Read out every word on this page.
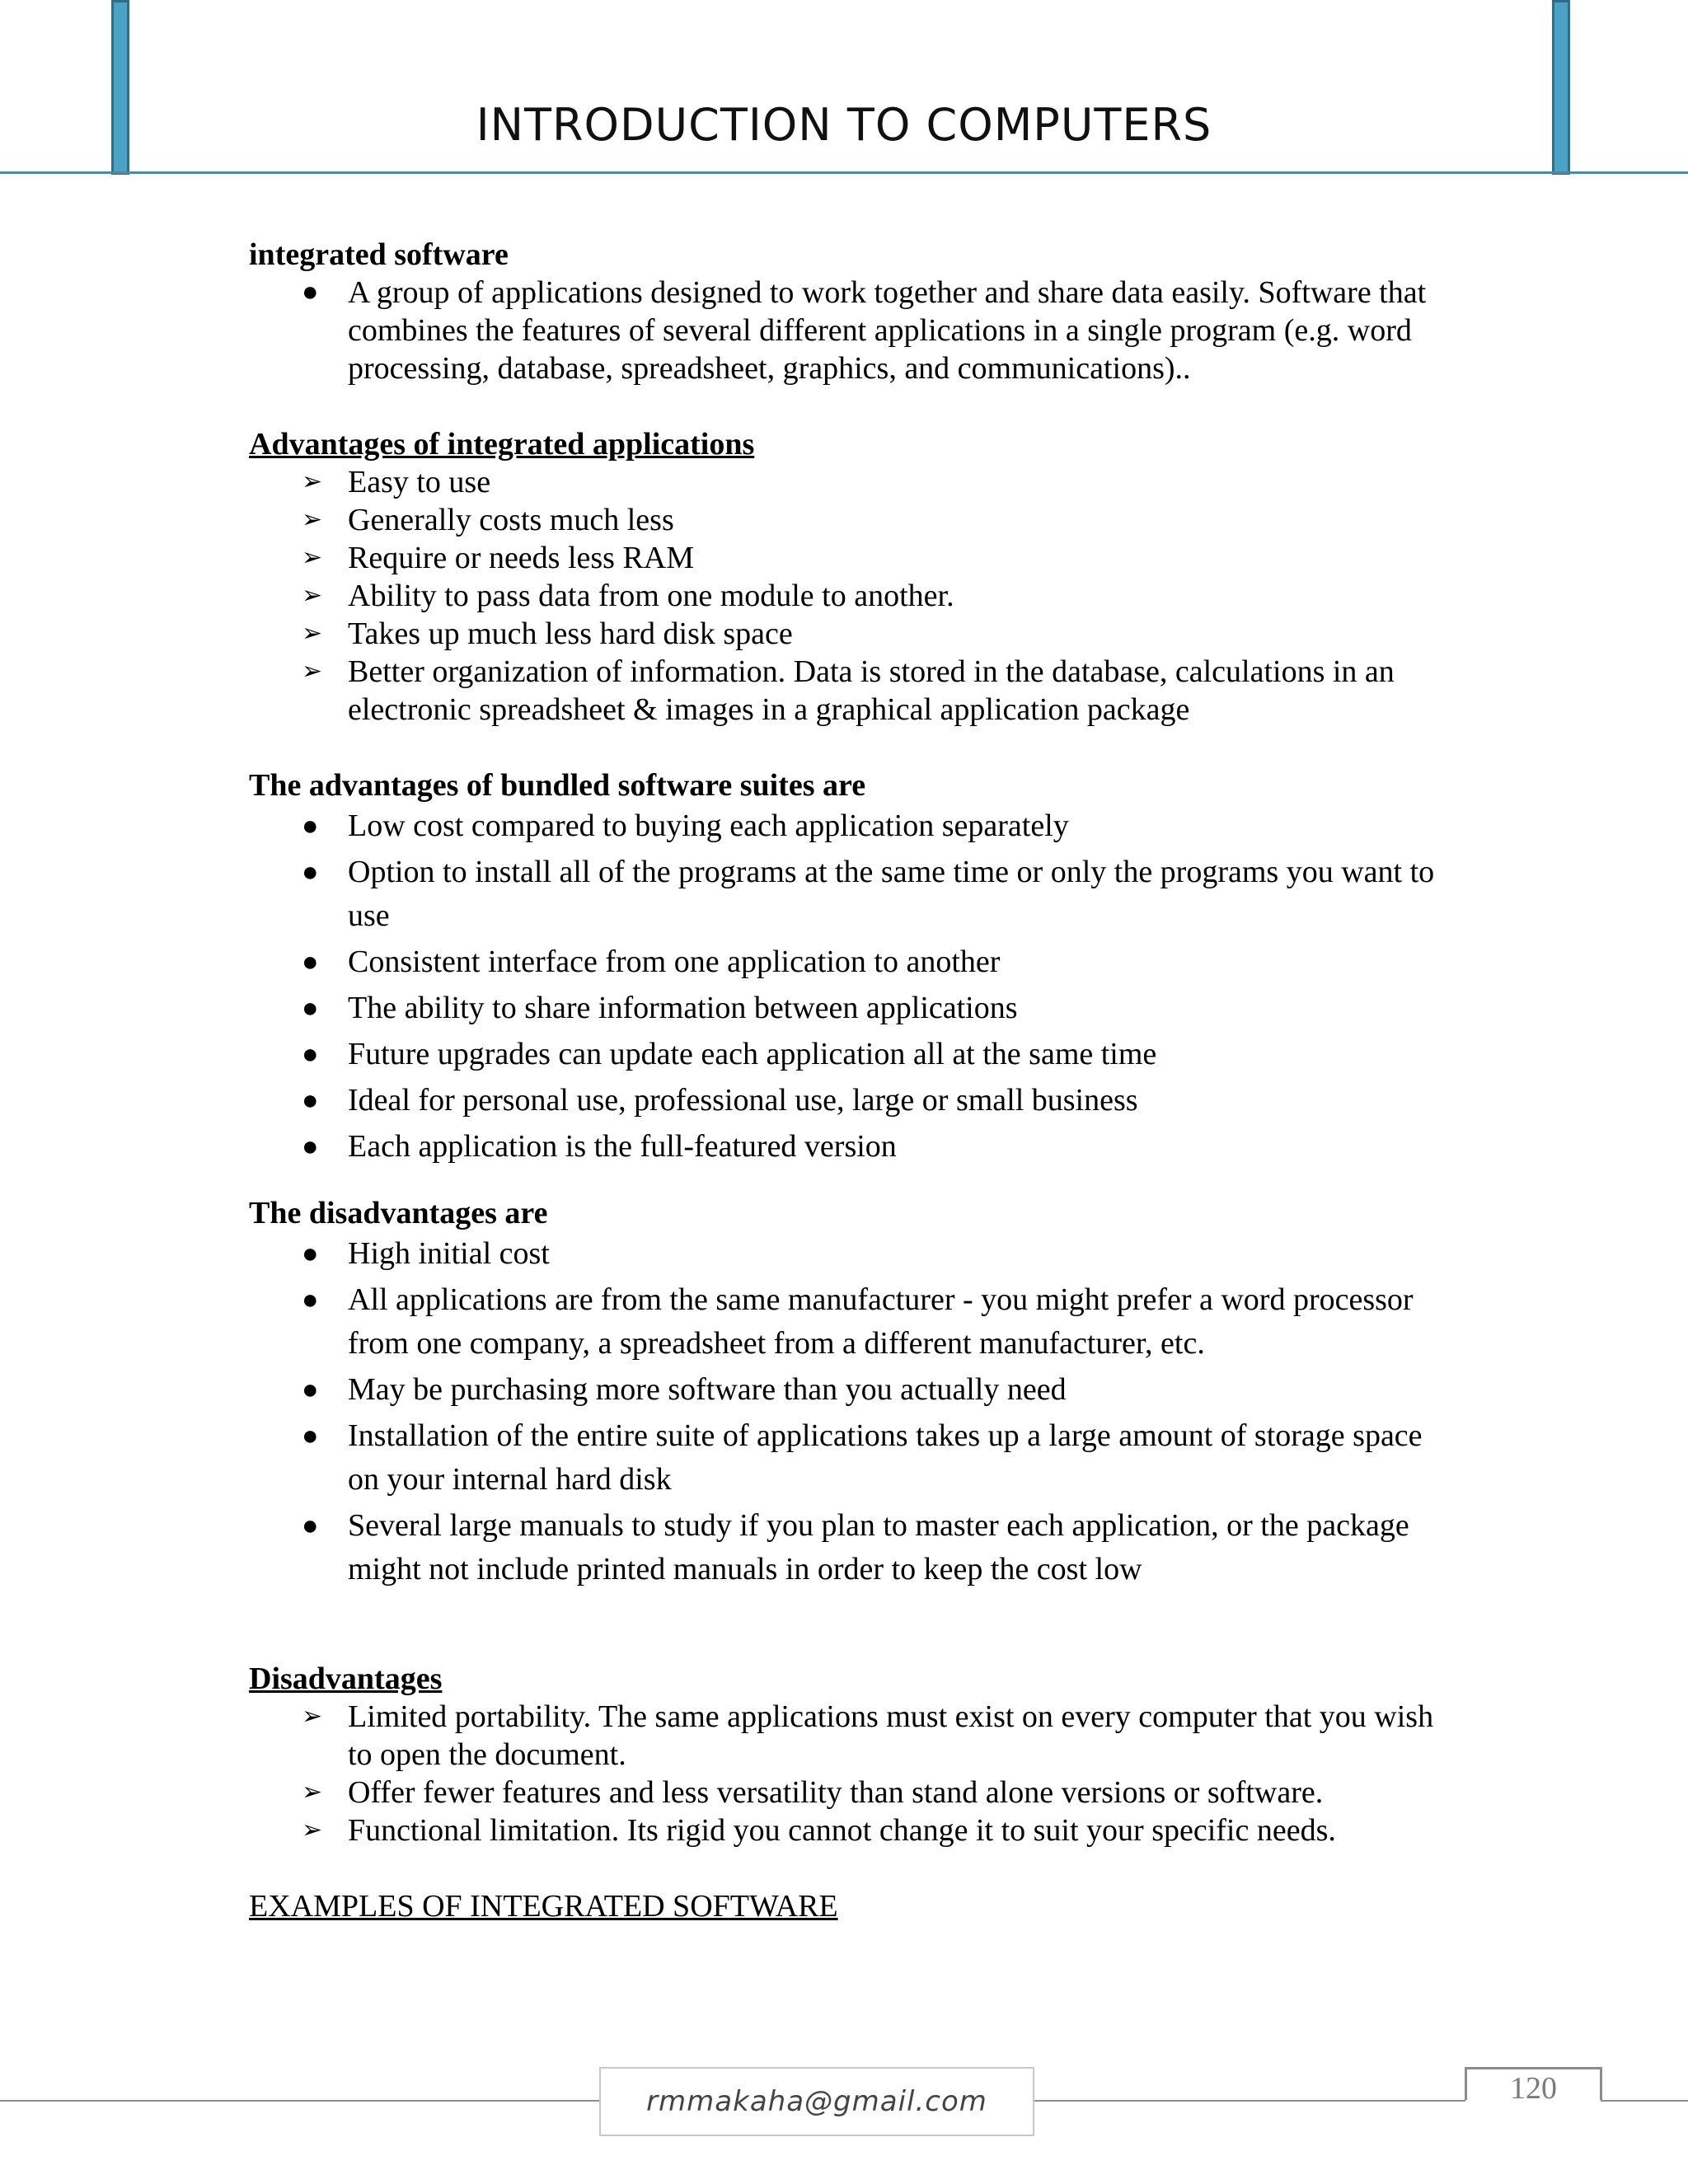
INTRODUCTION TO COMPUTERS
integrated software
● A group of applications designed to work together and share data easily. Software that combines the features of several different applications in a single program (e.g. word processing, database, spreadsheet, graphics, and communications)..
Advantages of integrated applications
➢ Easy to use
➢ Generally costs much less
➢ Require or needs less RAM
➢ Ability to pass data from one module to another.
➢ Takes up much less hard disk space
➢ Better organization of information. Data is stored in the database, calculations in an electronic spreadsheet & images in a graphical application package
The advantages of bundled software suites are
● Low cost compared to buying each application separately
● Option to install all of the programs at the same time or only the programs you want to use
● Consistent interface from one application to another
● The ability to share information between applications
● Future upgrades can update each application all at the same time
● Ideal for personal use, professional use, large or small business
● Each application is the full-featured version
The disadvantages are
● High initial cost
● All applications are from the same manufacturer - you might prefer a word processor from one company, a spreadsheet from a different manufacturer, etc.
● May be purchasing more software than you actually need
● Installation of the entire suite of applications takes up a large amount of storage space on your internal hard disk
● Several large manuals to study if you plan to master each application, or the package might not include printed manuals in order to keep the cost low
Disadvantages
➢ Limited portability. The same applications must exist on every computer that you wish to open the document.
➢ Offer fewer features and less versatility than stand alone versions or software.
➢ Functional limitation. Its rigid you cannot change it to suit your specific needs.
EXAMPLES OF INTEGRATED SOFTWARE
rmmakaha@gmail.com	120
